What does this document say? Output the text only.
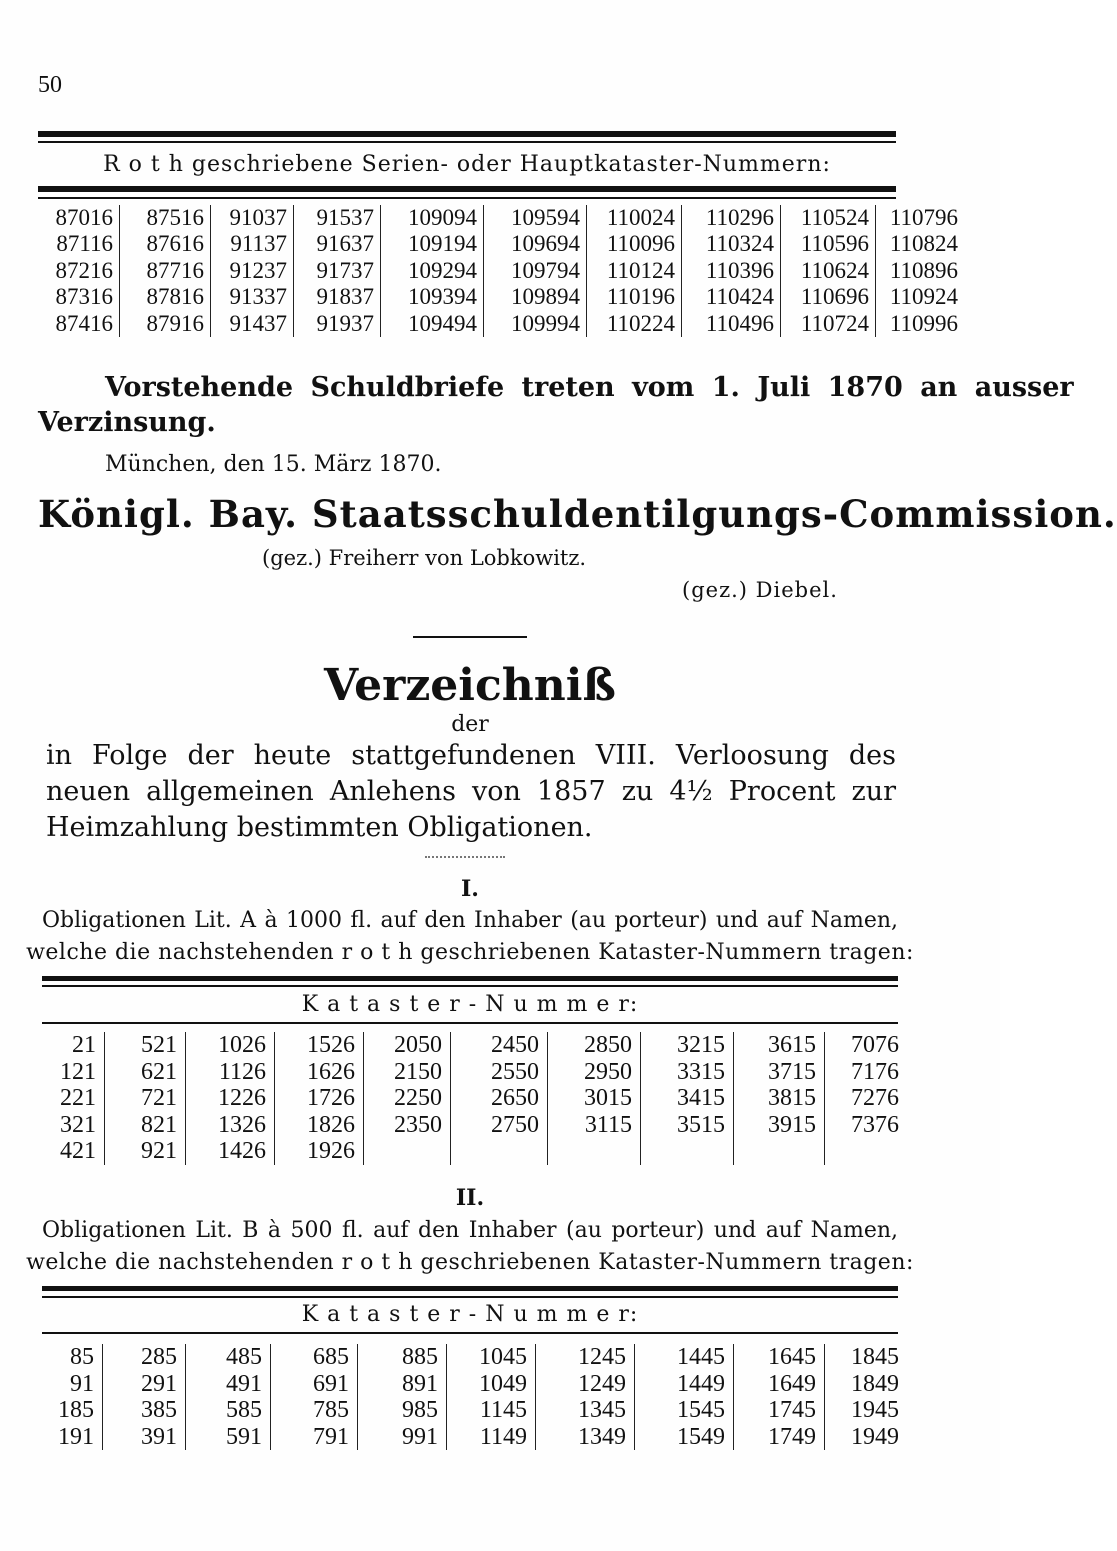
50
R o t h geschriebene Serien- oder Hauptkataster-Nummern:
87016
87116
87216
87316
87416
87516
87616
87716
87816
87916
91037
91137
91237
91337
91437
91537
91637
91737
91837
91937
109094
109194
109294
109394
109494
109594
109694
109794
109894
109994
110024
110096
110124
110196
110224
110296
110324
110396
110424
110496
110524
110596
110624
110696
110724
110796
110824
110896
110924
110996
Vorstehende Schuldbriefe treten vom 1. Juli 1870 an ausser
Verzinsung.
München, den 15. März 1870.
Königl. Bay. Staatsschuldentilgungs-Commission.
(gez.) Freiherr von Lobkowitz.
(gez.) Diebel.
Verzeichniß
der
in Folge der heute stattgefundenen VIII. Verloosung des neuen allgemeinen Anlehens von 1857 zu 4½ Procent zur Heimzahlung bestimmten Obligationen.
I.
Obligationen Lit. A à 1000 fl. auf den Inhaber (au porteur) und auf Namen,
welche die nachstehenden r o t h geschriebenen Kataster-Nummern tragen:
K a t a s t e r - N u m m e r:
21
121
221
321
421
521
621
721
821
921
1026
1126
1226
1326
1426
1526
1626
1726
1826
1926
2050
2150
2250
2350
2450
2550
2650
2750
2850
2950
3015
3115
3215
3315
3415
3515
3615
3715
3815
3915
7076
7176
7276
7376
II.
Obligationen Lit. B à 500 fl. auf den Inhaber (au porteur) und auf Namen,
welche die nachstehenden r o t h geschriebenen Kataster-Nummern tragen:
K a t a s t e r - N u m m e r:
85
91
185
191
285
291
385
391
485
491
585
591
685
691
785
791
885
891
985
991
1045
1049
1145
1149
1245
1249
1345
1349
1445
1449
1545
1549
1645
1649
1745
1749
1845
1849
1945
1949
